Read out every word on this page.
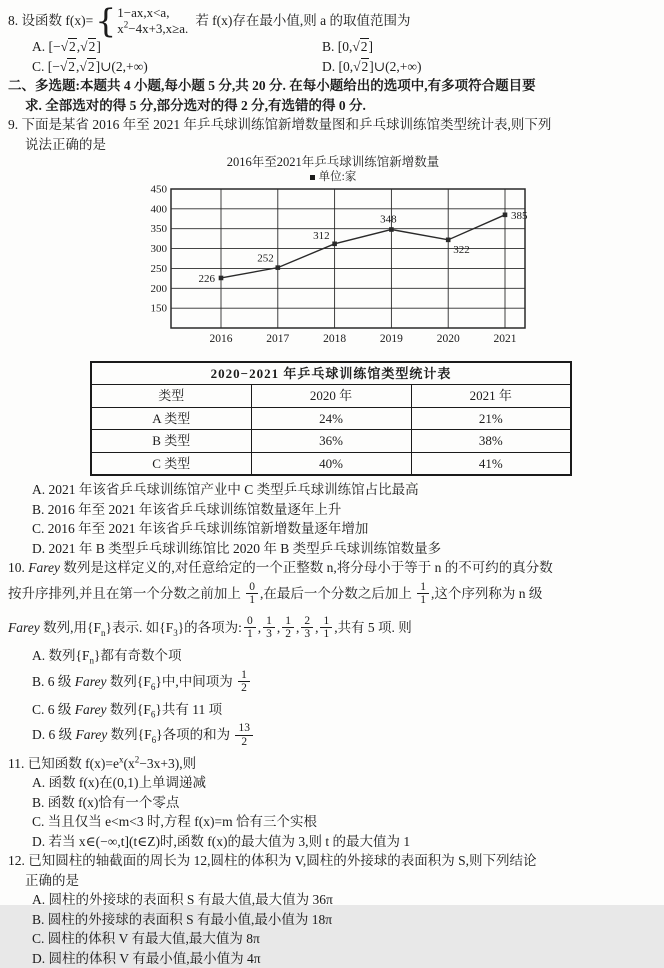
8. 设函数 f(x)= { 1−ax,x<a,
$x^2-4x+3,x\ge a$.
若 f(x)存在最小值,则 a 的取值范围为
A. [−√2,√2]	B. [0,√2]
C. [−√2,√2]∪(2,+∞)	D. [0,√2]∪(2,+∞)
二、多选题:本题共 4 小题,每小题 5 分,共 20 分. 在每小题给出的选项中,有多项符合题目要
求. 全部选对的得 5 分,部分选对的得 2 分,有选错的得 0 分.
9. 下面是某省 2016 年至 2021 年乒乓球训练馆新增数量图和乒乓球训练馆类型统计表,则下列
说法正确的是
2016年至2021年乒乓球训练馆新增数量
单位:家
150
200
250
300
350
400
450
2016	2017	2018	2019	2020	2021
226
252
312
348
322
385
2020−2021 年乒乓球训练馆类型统计表		
类型	2020 年	2021 年
A 类型	24%	21%
B 类型	36%	38%
C 类型	40%	41%
A. 2021 年该省乒乓球训练馆产业中 C 类型乒乓球训练馆占比最高
B. 2016 年至 2021 年该省乒乓球训练馆数量逐年上升
C. 2016 年至 2021 年该省乒乓球训练馆新增数量逐年增加
D. 2021 年 B 类型乒乓球训练馆比 2020 年 B 类型乒乓球训练馆数量多
10. Farey 数列是这样定义的,对任意给定的一个正整数 n,将分母小于等于 n 的不可约的真分数
按升序排列,并且在第一个分数之前加上 $\frac{0}{1}$ ,在最后一个分数之后加上 $\frac{1}{1}$ ,这个序列称为 n 级
Farey 数列,用$\{F_n\}$表示. 如$\{F_3\}$的各项为: $\frac{0}{1}$ , $\frac{1}{3}$ , $\frac{1}{2}$ , $\frac{2}{3}$ , $\frac{1}{1}$ ,共有 5 项. 则
A. 数列$\{F_n\}$都有奇数个项
B. 6 级 Farey 数列$\{F_6\}$中,中间项为 $\frac{1}{2}$
C. 6 级 Farey 数列$\{F_6\}$共有 11 项
D. 6 级 Farey 数列$\{F_6\}$各项的和为 $\frac{13}{2}$
11. 已知函数 $f(x)=e^x(x^2-3x+3)$,则
A. 函数 f(x)在(0,1)上单调递减
B. 函数 f(x)恰有一个零点
C. 当且仅当 e<m<3 时,方程 f(x)=m 恰有三个实根
D. 若当 x∈(−∞,t](t∈Z)时,函数 f(x)的最大值为 3,则 t 的最大值为 1
12. 已知圆柱的轴截面的周长为 12,圆柱的体积为 V,圆柱的外接球的表面积为 S,则下列结论
正确的是
A. 圆柱的外接球的表面积 S 有最大值,最大值为 36π
B. 圆柱的外接球的表面积 S 有最小值,最小值为 18π
C. 圆柱的体积 V 有最大值,最大值为 8π
D. 圆柱的体积 V 有最小值,最小值为 4π
